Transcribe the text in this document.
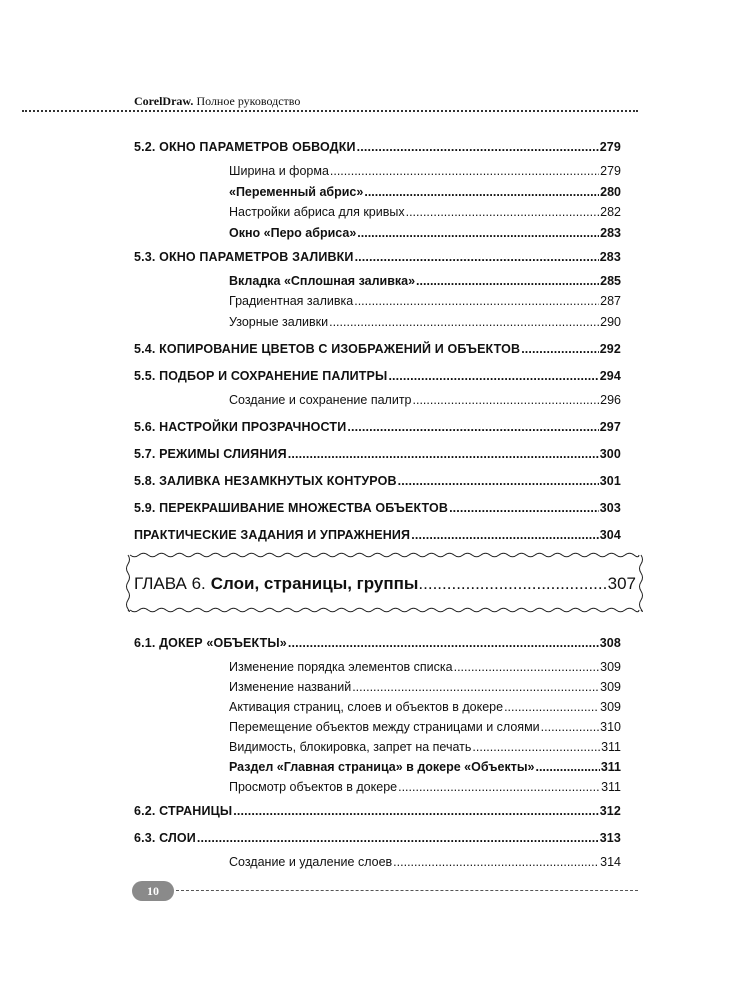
CorelDraw. Полное руководство
5.2. ОКНО ПАРАМЕТРОВ ОБВОДКИ .....	279
Ширина и форма .....	279
«Переменный абрис» .....	280
Настройки абриса для кривых .....	282
Окно «Перо абриса» .....	283
5.3. ОКНО ПАРАМЕТРОВ ЗАЛИВКИ .....	283
Вкладка «Сплошная заливка» .....	285
Градиентная заливка .....	287
Узорные заливки .....	290
5.4. КОПИРОВАНИЕ ЦВЕТОВ С ИЗОБРАЖЕНИЙ И ОБЪЕКТОВ .....	292
5.5. ПОДБОР И СОХРАНЕНИЕ ПАЛИТРЫ .....	294
Создание и сохранение палитр .....	296
5.6. НАСТРОЙКИ ПРОЗРАЧНОСТИ .....	297
5.7. РЕЖИМЫ СЛИЯНИЯ .....	300
5.8. ЗАЛИВКА НЕЗАМКНУТЫХ КОНТУРОВ .....	301
5.9. ПЕРЕКРАШИВАНИЕ МНОЖЕСТВА ОБЪЕКТОВ .....	303
ПРАКТИЧЕСКИЕ ЗАДАНИЯ И УПРАЖНЕНИЯ .....	304
ГЛАВА 6. Слои, страницы, группы .....	307
6.1. ДОКЕР «ОБЪЕКТЫ» .....	308
Изменение порядка элементов списка .....	309
Изменение названий .....	309
Активация страниц, слоев и объектов в докере .....	309
Перемещение объектов между страницами и слоями .....	310
Видимость, блокировка, запрет на печать .....	311
Раздел «Главная страница» в докере «Объекты» .....	311
Просмотр объектов в докере .....	311
6.2. СТРАНИЦЫ .....	312
6.3. СЛОИ .....	313
Создание и удаление слоев .....	314
10
